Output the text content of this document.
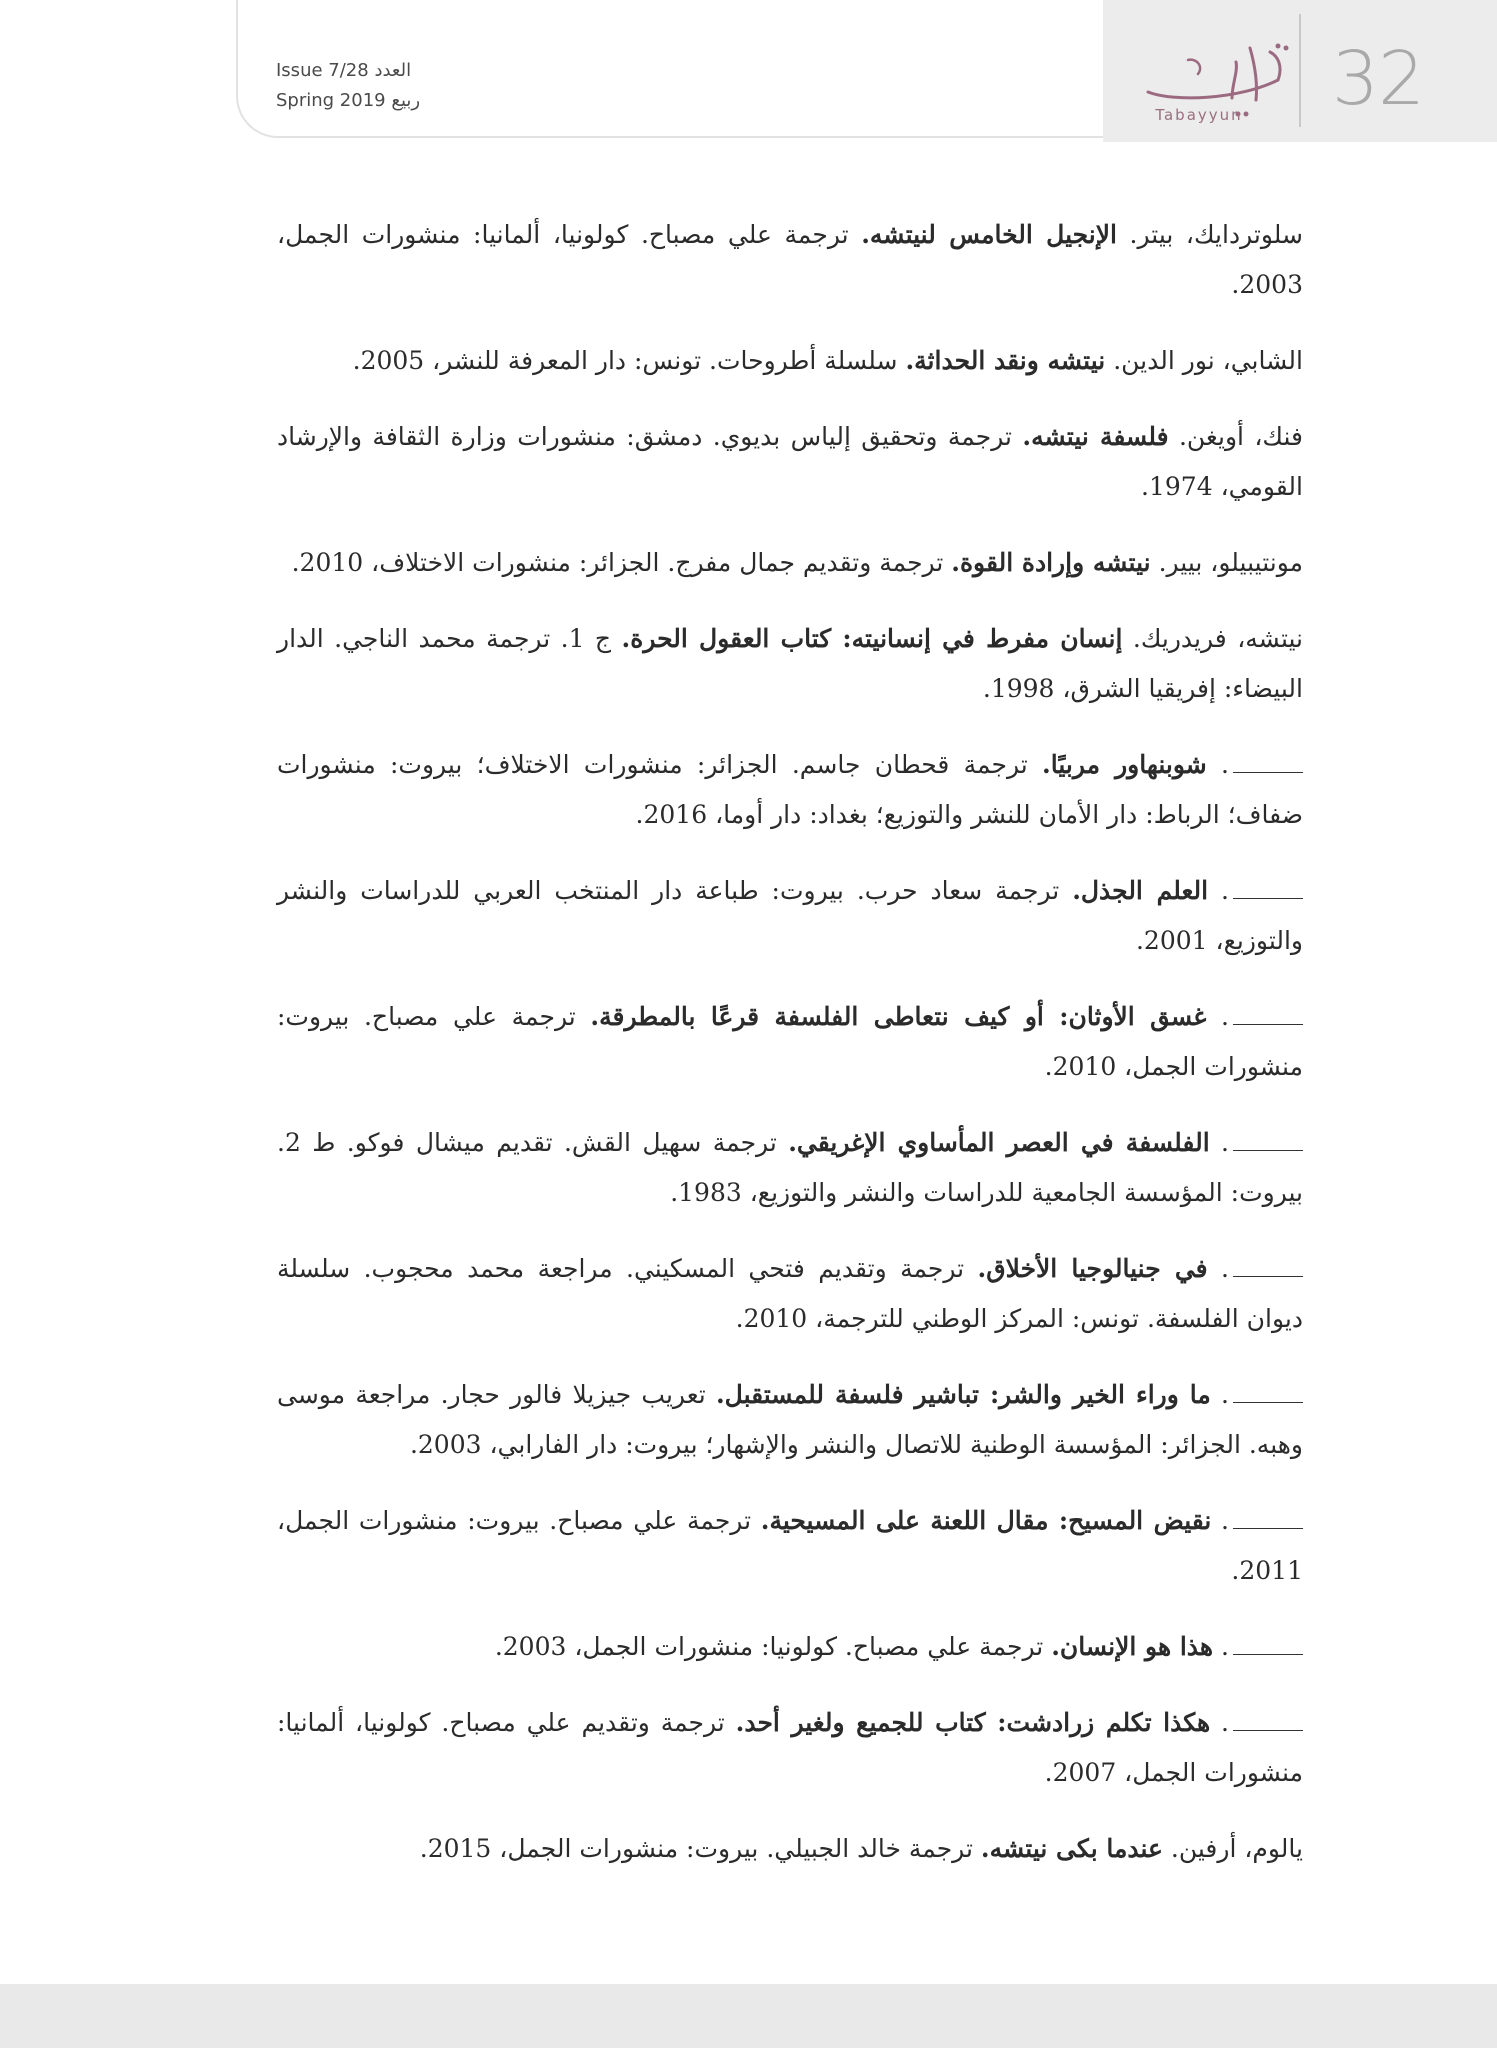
Issue 7/28 العدد
Spring 2019 ربيع
Tabayyun 32

سلوتردايك، بيتر. الإنجيل الخامس لنيتشه. ترجمة علي مصباح. كولونيا، ألمانيا: منشورات الجمل، 2003.

الشابي، نور الدين. نيتشه ونقد الحداثة. سلسلة أطروحات. تونس: دار المعرفة للنشر، 2005.

فنك، أويغن. فلسفة نيتشه. ترجمة وتحقيق إلياس بديوي. دمشق: منشورات وزارة الثقافة والإرشاد القومي، 1974.

مونتيبيلو، بيير. نيتشه وإرادة القوة. ترجمة وتقديم جمال مفرج. الجزائر: منشورات الاختلاف، 2010.

نيتشه، فريدريك. إنسان مفرط في إنسانيته: كتاب العقول الحرة. ج 1. ترجمة محمد الناجي. الدار البيضاء: إفريقيا الشرق، 1998.

. شوبنهاور مربيًا. ترجمة قحطان جاسم. الجزائر: منشورات الاختلاف؛ بيروت: منشورات ضفاف؛ الرباط: دار الأمان للنشر والتوزيع؛ بغداد: دار أوما، 2016.

. العلم الجذل. ترجمة سعاد حرب. بيروت: طباعة دار المنتخب العربي للدراسات والنشر والتوزيع، 2001.

. غسق الأوثان: أو كيف نتعاطى الفلسفة قرعًا بالمطرقة. ترجمة علي مصباح. بيروت: منشورات الجمل، 2010.

. الفلسفة في العصر المأساوي الإغريقي. ترجمة سهيل القش. تقديم ميشال فوكو. ط 2. بيروت: المؤسسة الجامعية للدراسات والنشر والتوزيع، 1983.

. في جنيالوجيا الأخلاق. ترجمة وتقديم فتحي المسكيني. مراجعة محمد محجوب. سلسلة ديوان الفلسفة. تونس: المركز الوطني للترجمة، 2010.

. ما وراء الخير والشر: تباشير فلسفة للمستقبل. تعريب جيزيلا فالور حجار. مراجعة موسى وهبه. الجزائر: المؤسسة الوطنية للاتصال والنشر والإشهار؛ بيروت: دار الفارابي، 2003.

. نقيض المسيح: مقال اللعنة على المسيحية. ترجمة علي مصباح. بيروت: منشورات الجمل، 2011.

. هذا هو الإنسان. ترجمة علي مصباح. كولونيا: منشورات الجمل، 2003.

. هكذا تكلم زرادشت: كتاب للجميع ولغير أحد. ترجمة وتقديم علي مصباح. كولونيا، ألمانيا: منشورات الجمل، 2007.

يالوم، أرفين. عندما بكى نيتشه. ترجمة خالد الجبيلي. بيروت: منشورات الجمل، 2015.
